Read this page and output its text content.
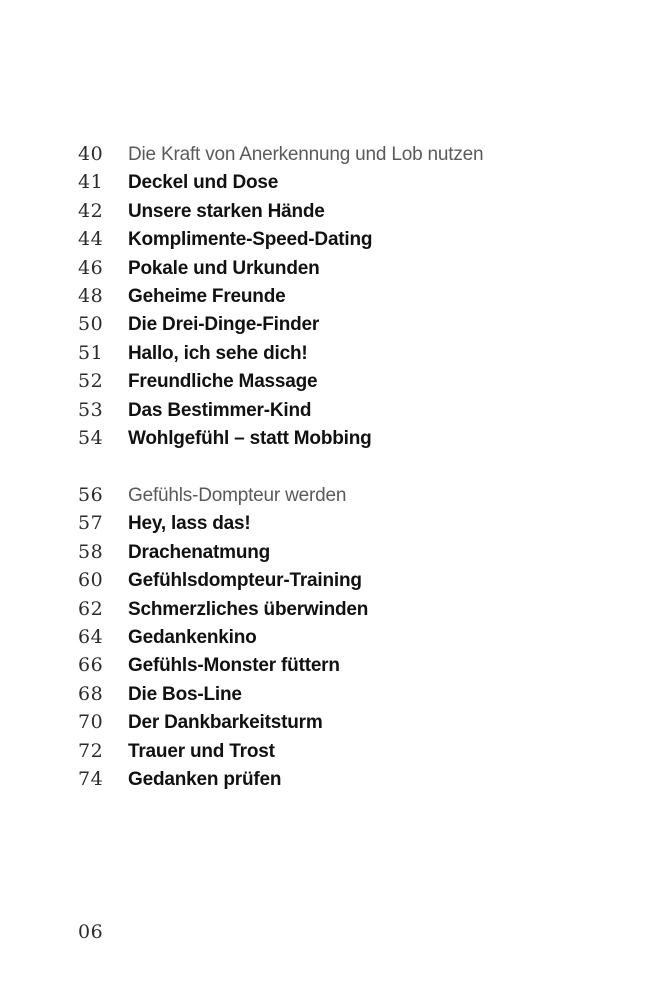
40	Die Kraft von Anerkennung und Lob nutzen
41	Deckel und Dose
42	Unsere starken Hände
44	Komplimente-Speed-Dating
46	Pokale und Urkunden
48	Geheime Freunde
50	Die Drei-Dinge-Finder
51	Hallo, ich sehe dich!
52	Freundliche Massage
53	Das Bestimmer-Kind
54	Wohlgefühl – statt Mobbing
56	Gefühls-Dompteur werden
57	Hey, lass das!
58	Drachenatmung
60	Gefühlsdompteur-Training
62	Schmerzliches überwinden
64	Gedankenkino
66	Gefühls-Monster füttern
68	Die Bos-Line
70	Der Dankbarkeitsturm
72	Trauer und Trost
74	Gedanken prüfen
06
